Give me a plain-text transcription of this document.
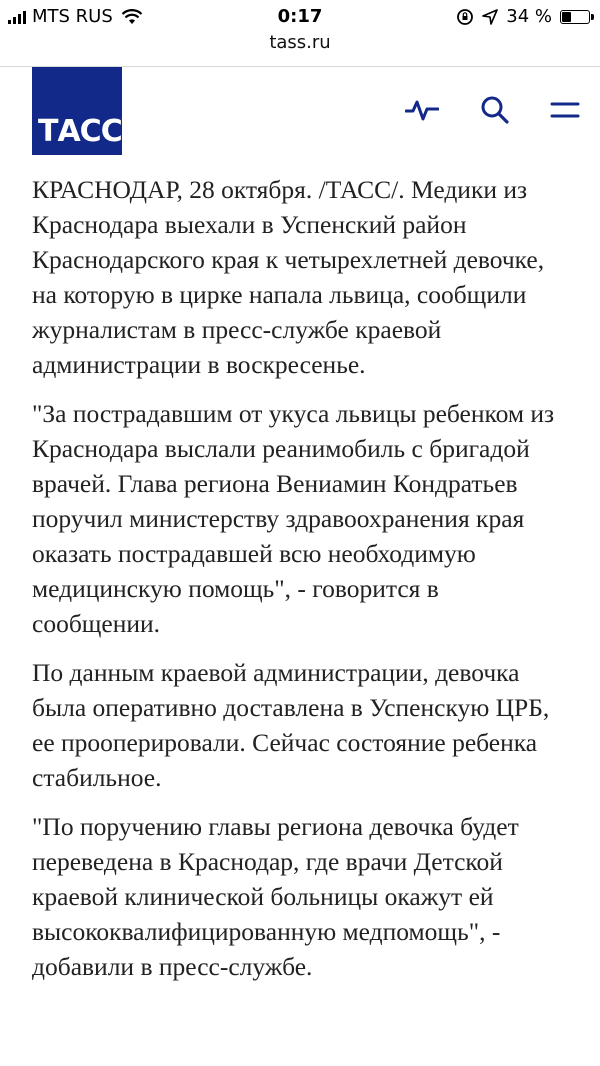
MTS RUS	0:17	34 %
tass.ru
ТАСС

КРАСНОДАР, 28 октября. /ТАСС/. Медики из Краснодара выехали в Успенский район Краснодарского края к четырехлетней девочке, на которую в цирке напала львица, сообщили журналистам в пресс-службе краевой администрации в воскресенье.

"За пострадавшим от укуса львицы ребенком из Краснодара выслали реанимобиль с бригадой врачей. Глава региона Вениамин Кондратьев поручил министерству здравоохранения края оказать пострадавшей всю необходимую медицинскую помощь", - говорится в сообщении.

По данным краевой администрации, девочка была оперативно доставлена в Успенскую ЦРБ, ее прооперировали. Сейчас состояние ребенка стабильное.

"По поручению главы региона девочка будет переведена в Краснодар, где врачи Детской краевой клинической больницы окажут ей высококвалифицированную медпомощь", - добавили в пресс-службе.
